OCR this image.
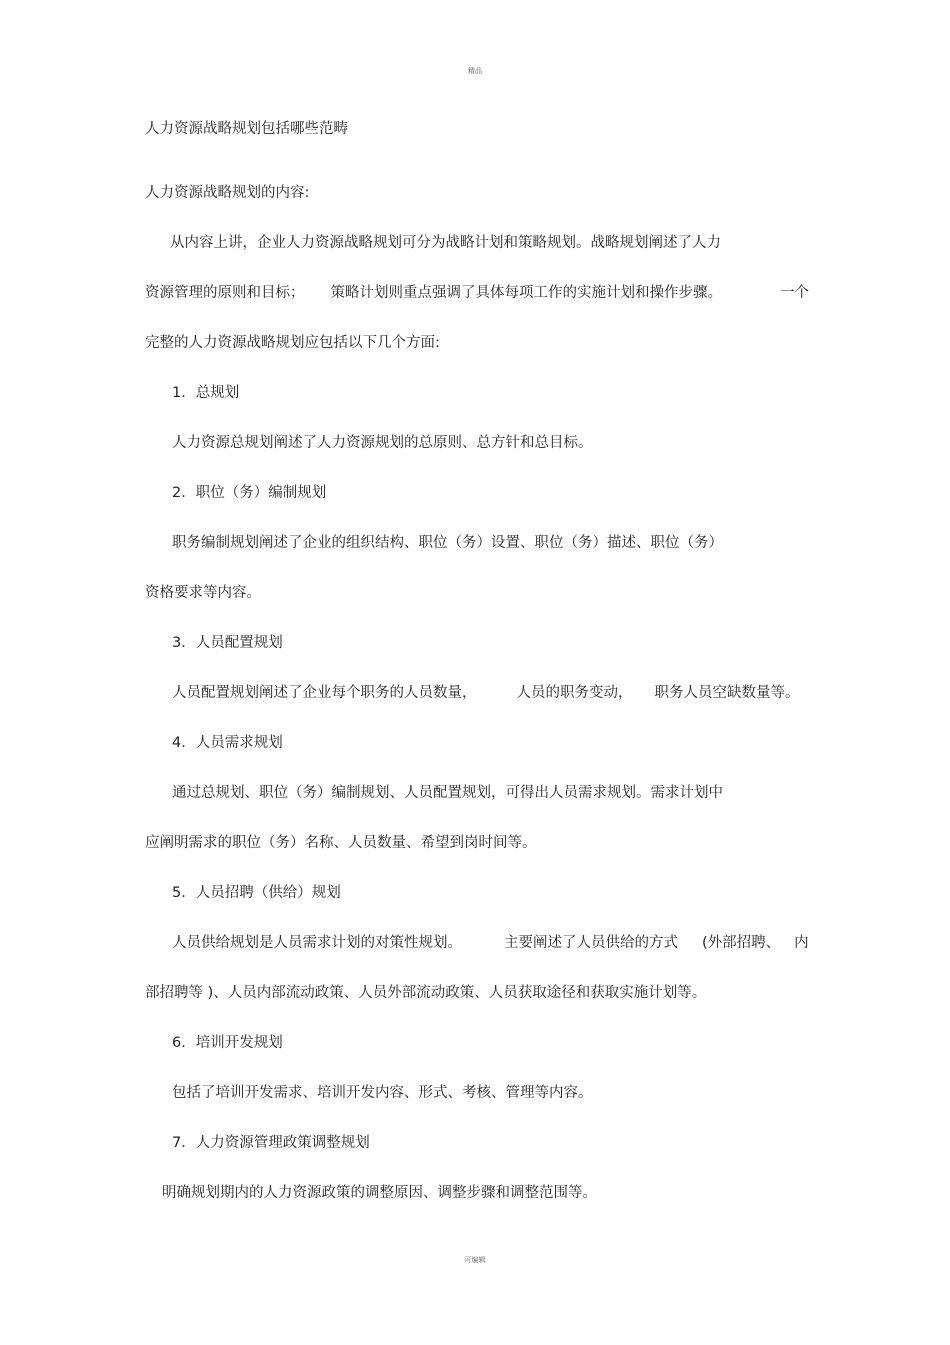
精品
人力资源战略规划包括哪些范畴
人力资源战略规划的内容:
从内容上讲，企业人力资源战略规划可分为战略计划和策略规划。战略规划阐述了人力
资源管理的原则和目标； 策略计划则重点强调了具体每项工作的实施计划和操作步骤。	一个
完整的人力资源战略规划应包括以下几个方面:
1．总规划
人力资源总规划阐述了人力资源规划的总原则、总方针和总目标。
2．职位（务）编制规划
职务编制规划阐述了企业的组织结构、职位（务）设置、职位（务）描述、职位（务）
资格要求等内容。
3．人员配置规划
人员配置规划阐述了企业每个职务的人员数量，	人员的职务变动， 职务人员空缺数量等。
4．人员需求规划
通过总规划、职位（务）编制规划、人员配置规划，可得出人员需求规划。需求计划中
应阐明需求的职位（务）名称、人员数量、希望到岗时间等。
5．人员招聘（供给）规划
人员供给规划是人员需求计划的对策性规划。	主要阐述了人员供给的方式 (外部招聘、 内
部招聘等 )、人员内部流动政策、人员外部流动政策、人员获取途径和获取实施计划等。
6．培训开发规划
包括了培训开发需求、培训开发内容、形式、考核、管理等内容。
7．人力资源管理政策调整规划
明确规划期内的人力资源政策的调整原因、调整步骤和调整范围等。
可编辑
